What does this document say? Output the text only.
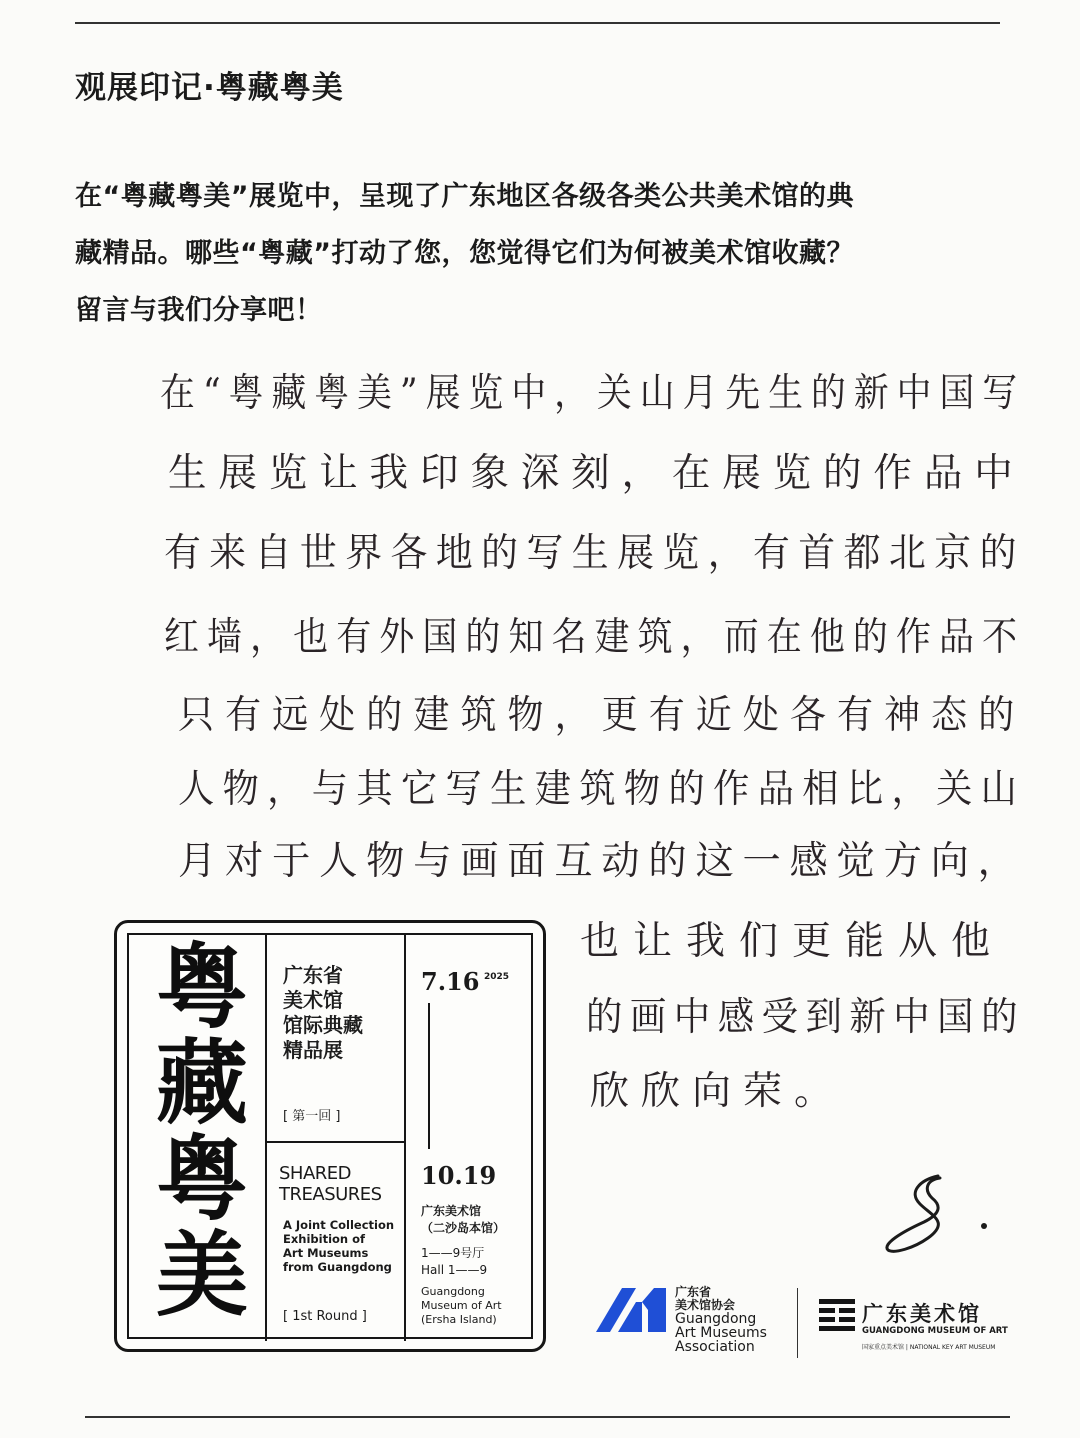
观展印记·粤藏粤美
在“粤藏粤美”展览中，呈现了广东地区各级各类公共美术馆的典
藏精品。哪些“粤藏”打动了您，您觉得它们为何被美术馆收藏？
留言与我们分享吧！
在“粤藏粤美”展览中，关山月先生的新中国写
生展览让我印象深刻，在展览的作品中
有来自世界各地的写生展览，有首都北京的
红墙，也有外国的知名建筑，而在他的作品不
只有远处的建筑物，更有近处各有神态的
人物，与其它写生建筑物的作品相比，关山
月对于人物与画面互动的这一感觉方向，
也让我们更能从他
的画中感受到新中国的
欣欣向荣。
粤
藏
粤
美
广东省
美术馆
馆际典藏
精品展
[ 第一回 ]
SHARED
TREASURES
A Joint Collection
Exhibition of
Art Museums
from Guangdong
[ 1st Round ]
7.16 2025
10.19
广东美术馆
（二沙岛本馆）
1——9号厅
Hall 1——9
Guangdong
Museum of Art
(Ersha Island)
广东省
美术馆协会
Guangdong
Art Museums
Association
广东美术馆
GUANGDONG MUSEUM OF ART
国家重点美术馆 | NATIONAL KEY ART MUSEUM
